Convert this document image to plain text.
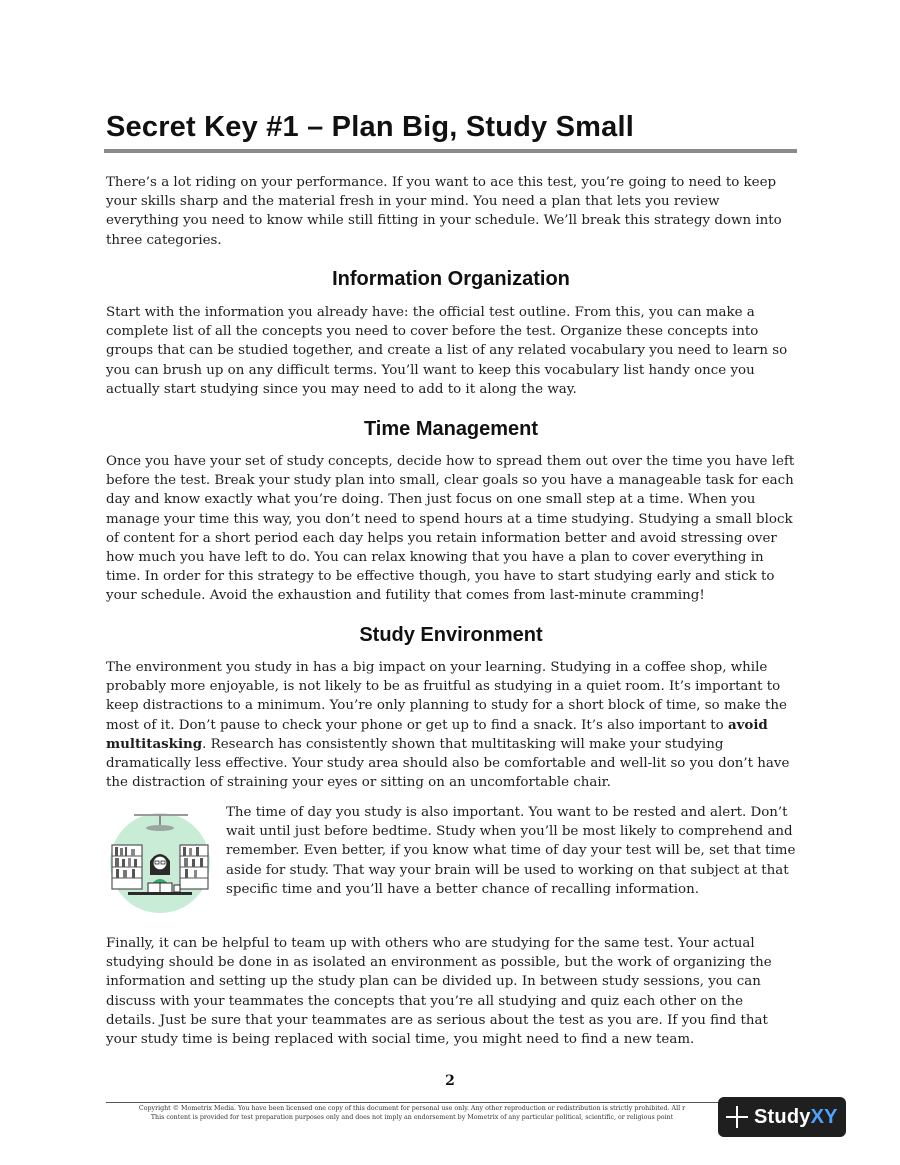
Secret Key #1 – Plan Big, Study Small

There’s a lot riding on your performance. If you want to ace this test, you’re going to need to keep your skills sharp and the material fresh in your mind. You need a plan that lets you review everything you need to know while still fitting in your schedule. We’ll break this strategy down into three categories.

Information Organization

Start with the information you already have: the official test outline. From this, you can make a complete list of all the concepts you need to cover before the test. Organize these concepts into groups that can be studied together, and create a list of any related vocabulary you need to learn so you can brush up on any difficult terms. You’ll want to keep this vocabulary list handy once you actually start studying since you may need to add to it along the way.

Time Management

Once you have your set of study concepts, decide how to spread them out over the time you have left before the test. Break your study plan into small, clear goals so you have a manageable task for each day and know exactly what you’re doing. Then just focus on one small step at a time. When you manage your time this way, you don’t need to spend hours at a time studying. Studying a small block of content for a short period each day helps you retain information better and avoid stressing over how much you have left to do. You can relax knowing that you have a plan to cover everything in time. In order for this strategy to be effective though, you have to start studying early and stick to your schedule. Avoid the exhaustion and futility that comes from last-minute cramming!

Study Environment

The environment you study in has a big impact on your learning. Studying in a coffee shop, while probably more enjoyable, is not likely to be as fruitful as studying in a quiet room. It’s important to keep distractions to a minimum. You’re only planning to study for a short block of time, so make the most of it. Don’t pause to check your phone or get up to find a snack. It’s also important to avoid multitasking. Research has consistently shown that multitasking will make your studying dramatically less effective. Your study area should also be comfortable and well-lit so you don’t have the distraction of straining your eyes or sitting on an uncomfortable chair.

The time of day you study is also important. You want to be rested and alert. Don’t wait until just before bedtime. Study when you’ll be most likely to comprehend and remember. Even better, if you know what time of day your test will be, set that time aside for study. That way your brain will be used to working on that subject at that specific time and you’ll have a better chance of recalling information.

Finally, it can be helpful to team up with others who are studying for the same test. Your actual studying should be done in as isolated an environment as possible, but the work of organizing the information and setting up the study plan can be divided up. In between study sessions, you can discuss with your teammates the concepts that you’re all studying and quiz each other on the details. Just be sure that your teammates are as serious about the test as you are. If you find that your study time is being replaced with social time, you might need to find a new team.

2
Copyright © Mometrix Media. You have been licensed one copy of this document for personal use only. Any other reproduction or redistribution is strictly prohibited. All r
This content is provided for test preparation purposes only and does not imply an endorsement by Mometrix of any particular political, scientific, or religious point	StudyXY
